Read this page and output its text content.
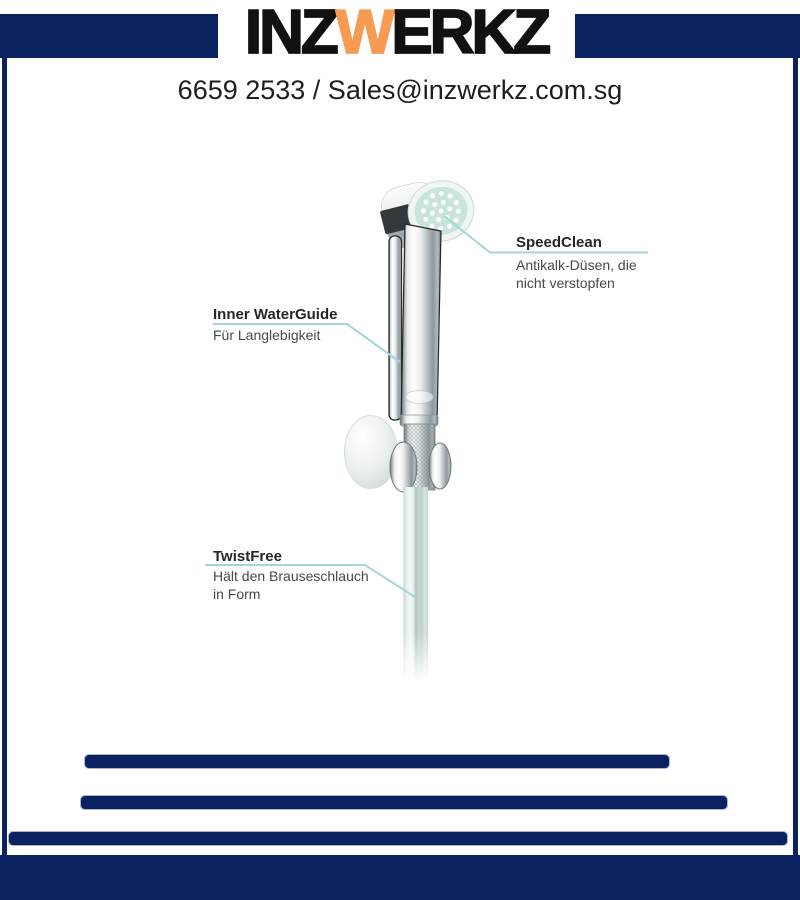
INZWERKZ
6659 2533 / Sales@inzwerkz.com.sg
SpeedClean
Antikalk-Düsen, die
nicht verstopfen
Inner WaterGuide
Für Langlebigkeit
TwistFree
Hält den Brauseschlauch
in Form
